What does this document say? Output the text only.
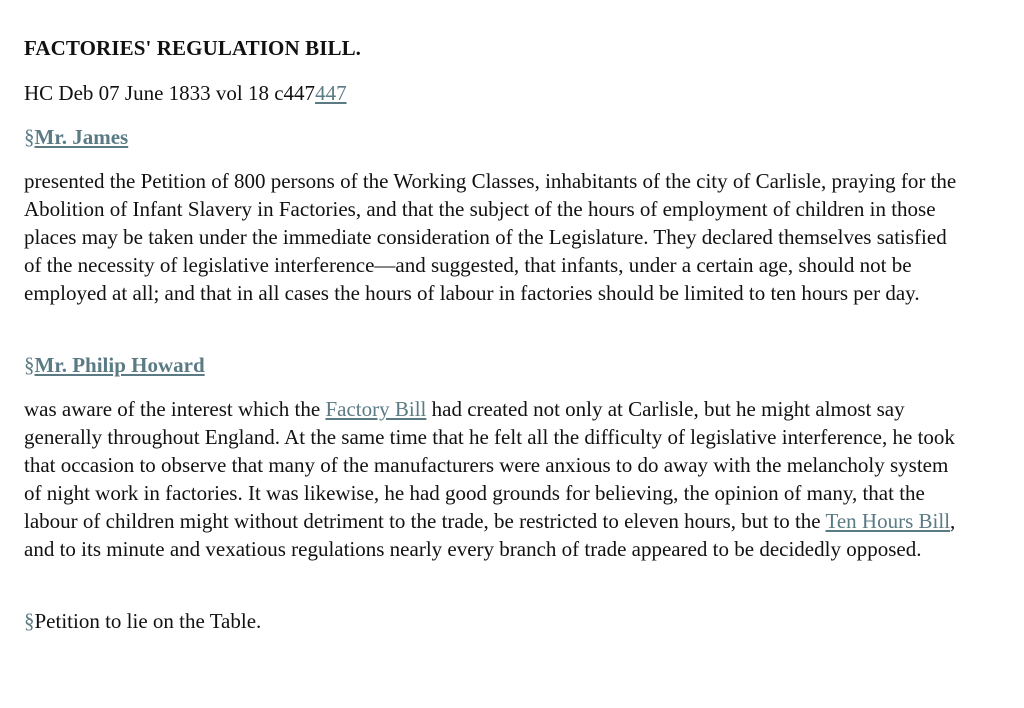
FACTORIES' REGULATION BILL.

HC Deb 07 June 1833 vol 18 c447447

§Mr. James

presented the Petition of 800 persons of the Working Classes, inhabitants of the city of Carlisle, praying for the Abolition of Infant Slavery in Factories, and that the subject of the hours of employment of children in those places may be taken under the immediate consideration of the Legislature. They declared themselves satisfied of the necessity of legislative interference—and suggested, that infants, under a certain age, should not be employed at all; and that in all cases the hours of labour in factories should be limited to ten hours per day.

§Mr. Philip Howard

was aware of the interest which the Factory Bill had created not only at Carlisle, but he might almost say generally throughout England. At the same time that he felt all the difficulty of legislative interference, he took that occasion to observe that many of the manufacturers were anxious to do away with the melancholy system of night work in factories. It was likewise, he had good grounds for believing, the opinion of many, that the labour of children might without detriment to the trade, be restricted to eleven hours, but to the Ten Hours Bill, and to its minute and vexatious regulations nearly every branch of trade appeared to be decidedly opposed.

§Petition to lie on the Table.
